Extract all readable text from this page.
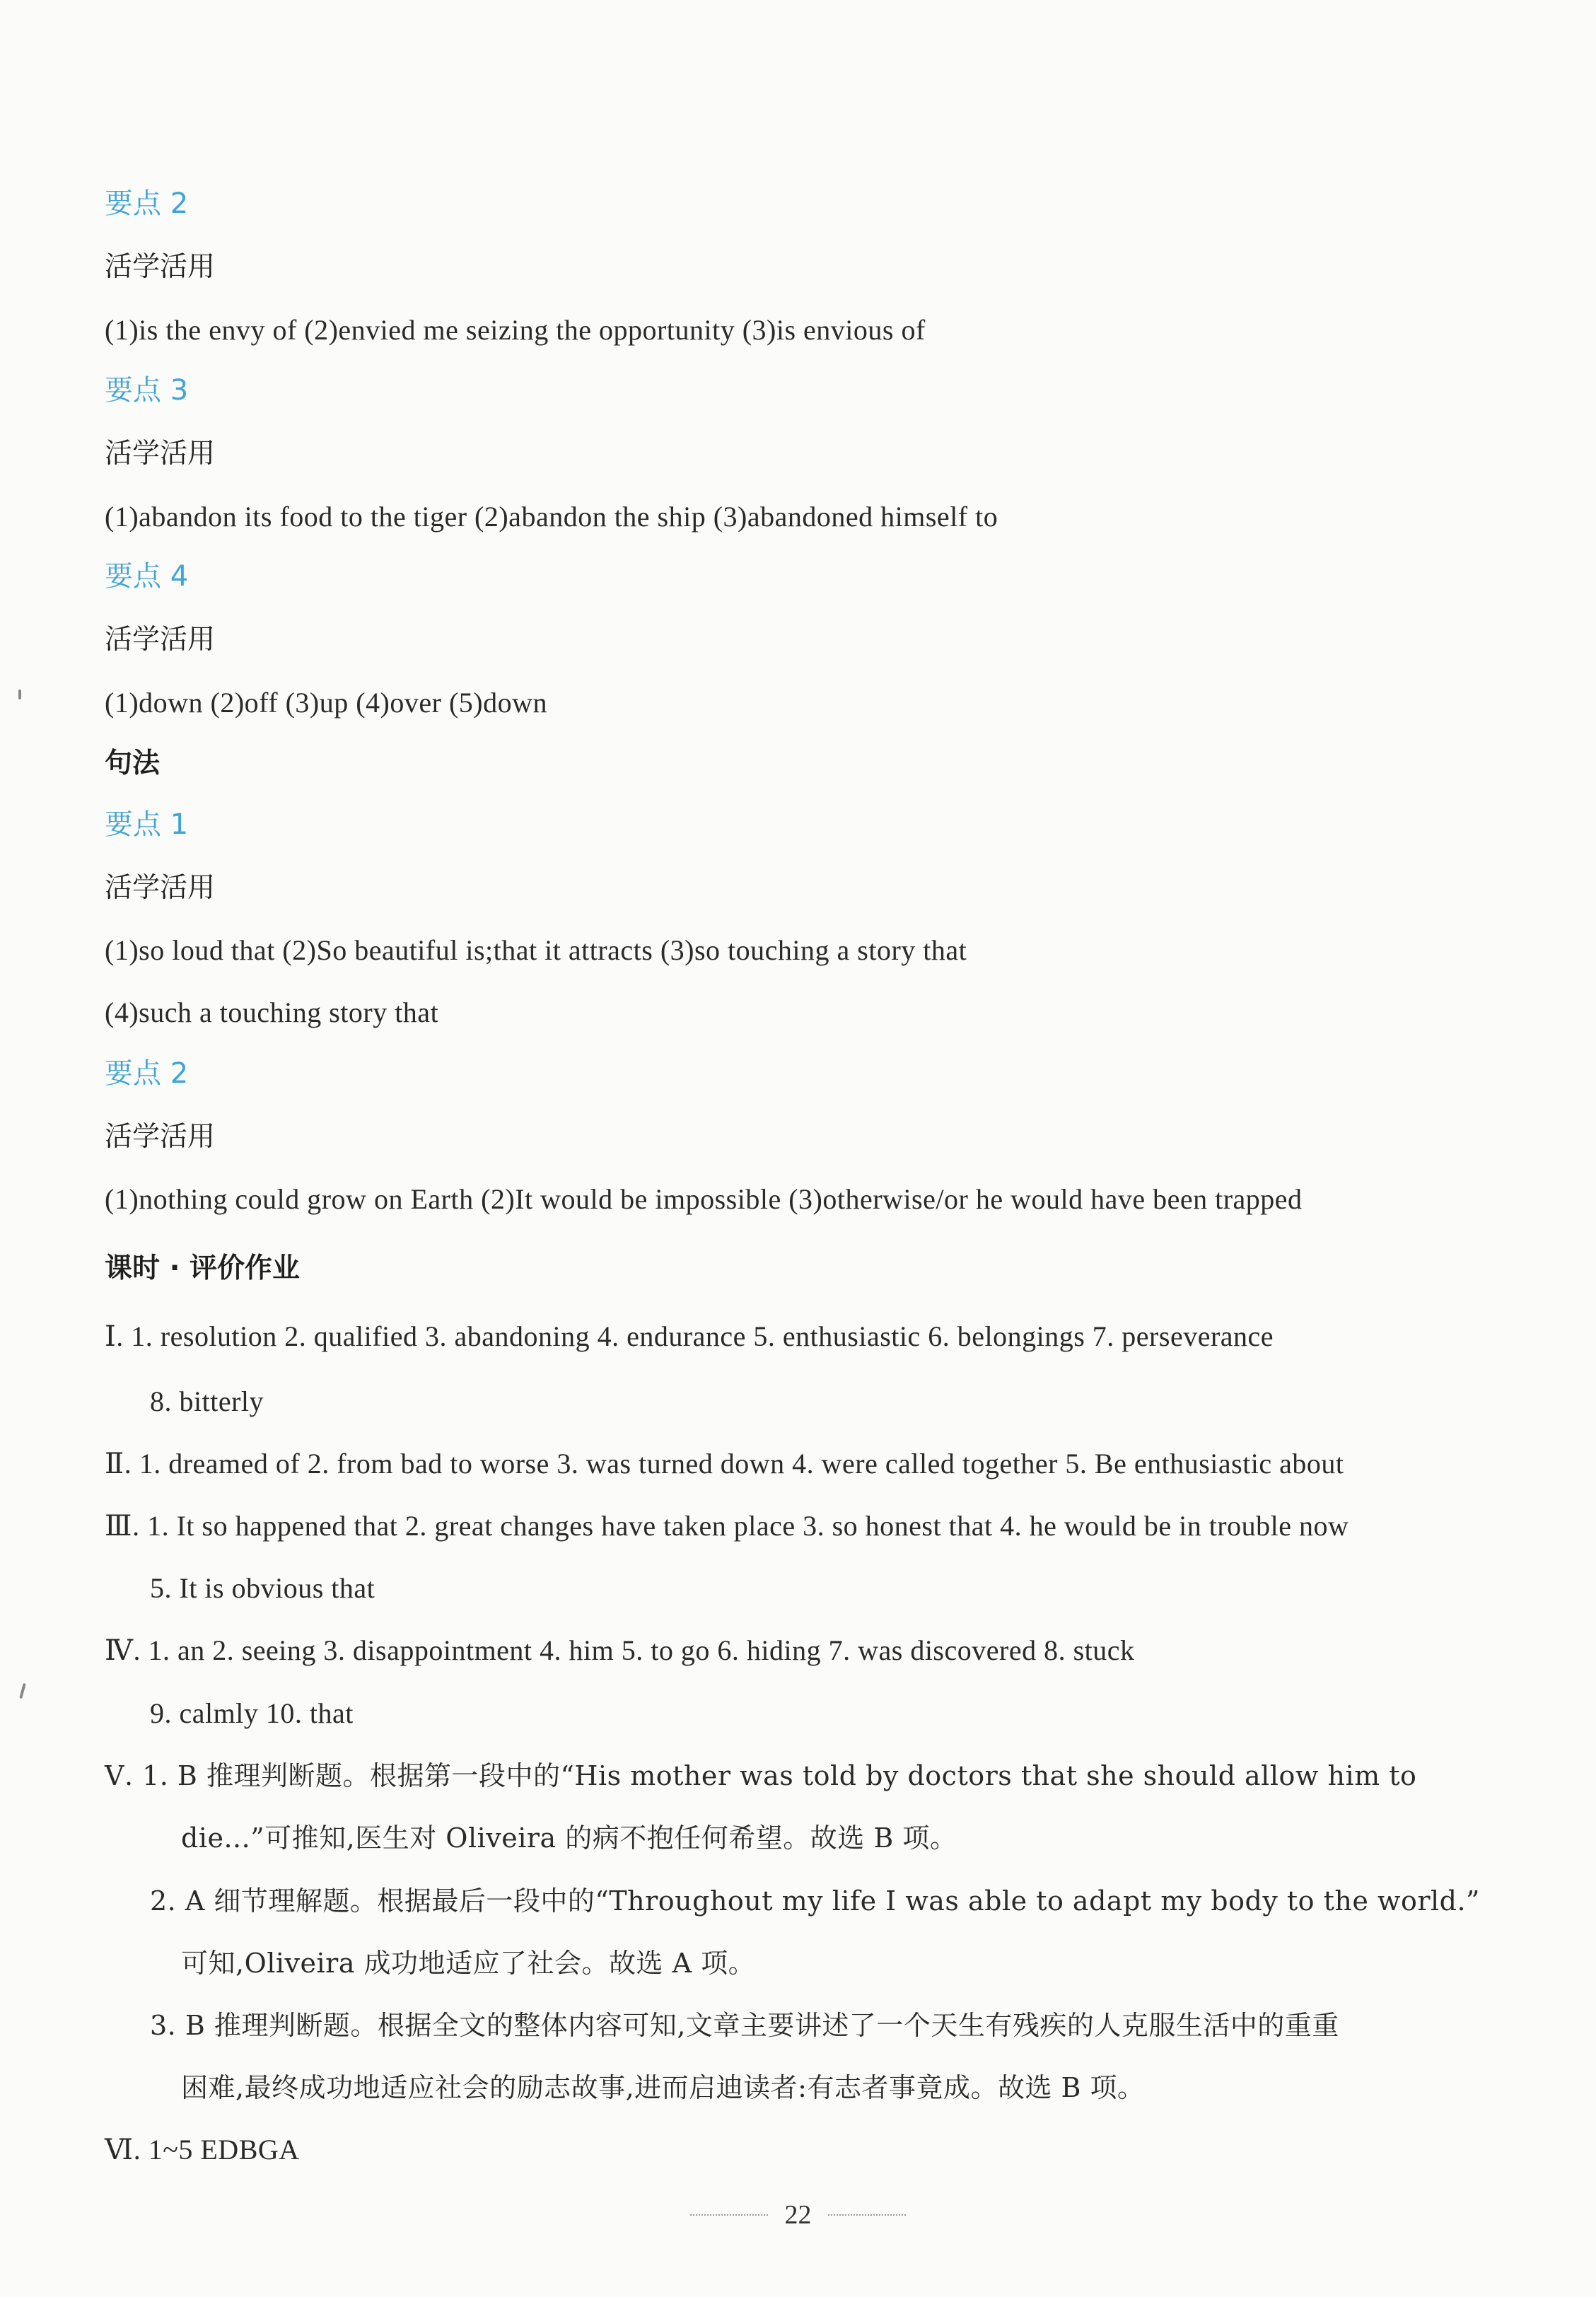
要点 2
活学活用
(1)is the envy of (2)envied me seizing the opportunity (3)is envious of
要点 3
活学活用
(1)abandon its food to the tiger (2)abandon the ship (3)abandoned himself to
要点 4
活学活用
(1)down (2)off (3)up (4)over (5)down
句法
要点 1
活学活用
(1)so loud that (2)So beautiful is;that it attracts (3)so touching a story that
(4)such a touching story that
要点 2
活学活用
(1)nothing could grow on Earth (2)It would be impossible (3)otherwise/or he would have been trapped
课时 · 评价作业
Ⅰ. 1. resolution 2. qualified 3. abandoning 4. endurance 5. enthusiastic 6. belongings 7. perseverance
8. bitterly
Ⅱ. 1. dreamed of 2. from bad to worse 3. was turned down 4. were called together 5. Be enthusiastic about
Ⅲ. 1. It so happened that 2. great changes have taken place 3. so honest that 4. he would be in trouble now
5. It is obvious that
Ⅳ. 1. an 2. seeing 3. disappointment 4. him 5. to go 6. hiding 7. was discovered 8. stuck
9. calmly 10. that
Ⅴ. 1. B 推理判断题。根据第一段中的“His mother was told by doctors that she should allow him to
die...”可推知,医生对 Oliveira 的病不抱任何希望。故选 B 项。
2. A 细节理解题。根据最后一段中的“Throughout my life I was able to adapt my body to the world.”
可知,Oliveira 成功地适应了社会。故选 A 项。
3. B 推理判断题。根据全文的整体内容可知,文章主要讲述了一个天生有残疾的人克服生活中的重重
困难,最终成功地适应社会的励志故事,进而启迪读者:有志者事竟成。故选 B 项。
Ⅵ. 1~5 EDBGA
22
